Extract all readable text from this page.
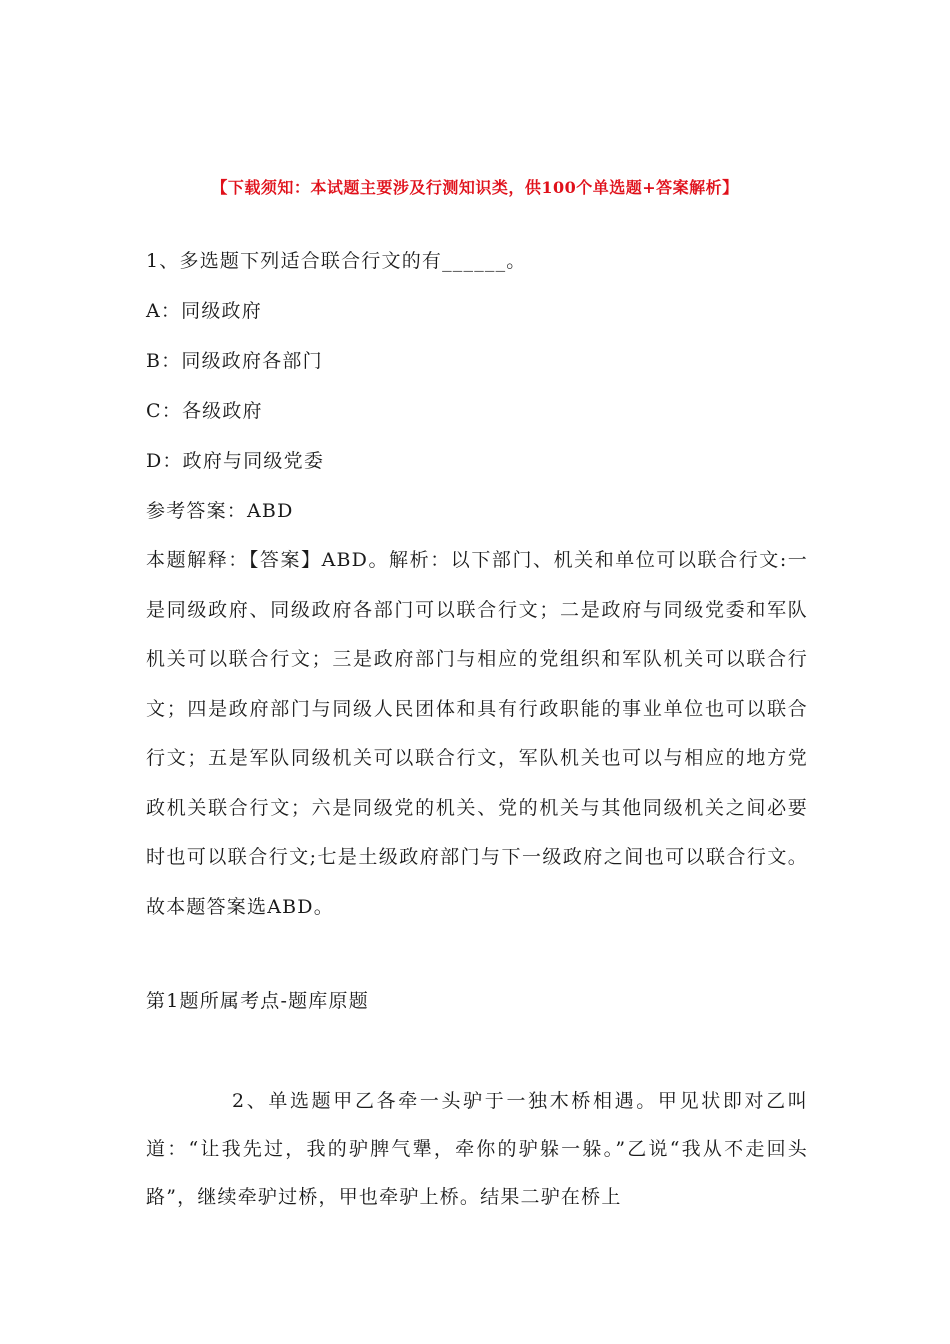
【下载须知：本试题主要涉及行测知识类，供100个单选题+答案解析】
1、多选题下列适合联合行文的有______。
A：同级政府
B：同级政府各部门
C：各级政府
D：政府与同级党委
参考答案：ABD

本题解释：【答案】ABD。解析：以下部门、机关和单位可以联合行文:一是同级政府、同级政府各部门可以联合行文；二是政府与同级党委和军队机关可以联合行文；三是政府部门与相应的党组织和军队机关可以联合行文；四是政府部门与同级人民团体和具有行政职能的事业单位也可以联合行文；五是军队同级机关可以联合行文，军队机关也可以与相应的地方党政机关联合行文；六是同级党的机关、党的机关与其他同级机关之间必要时也可以联合行文;七是土级政府部门与下一级政府之间也可以联合行文。故本题答案选ABD。

第1题所属考点-题库原题

2、单选题甲乙各牵一头驴于一独木桥相遇。甲见状即对乙叫道：“让我先过，我的驴脾气犟，牵你的驴躲一躲。”乙说“我从不走回头路”，继续牵驴过桥，甲也牵驴上桥。结果二驴在桥上
